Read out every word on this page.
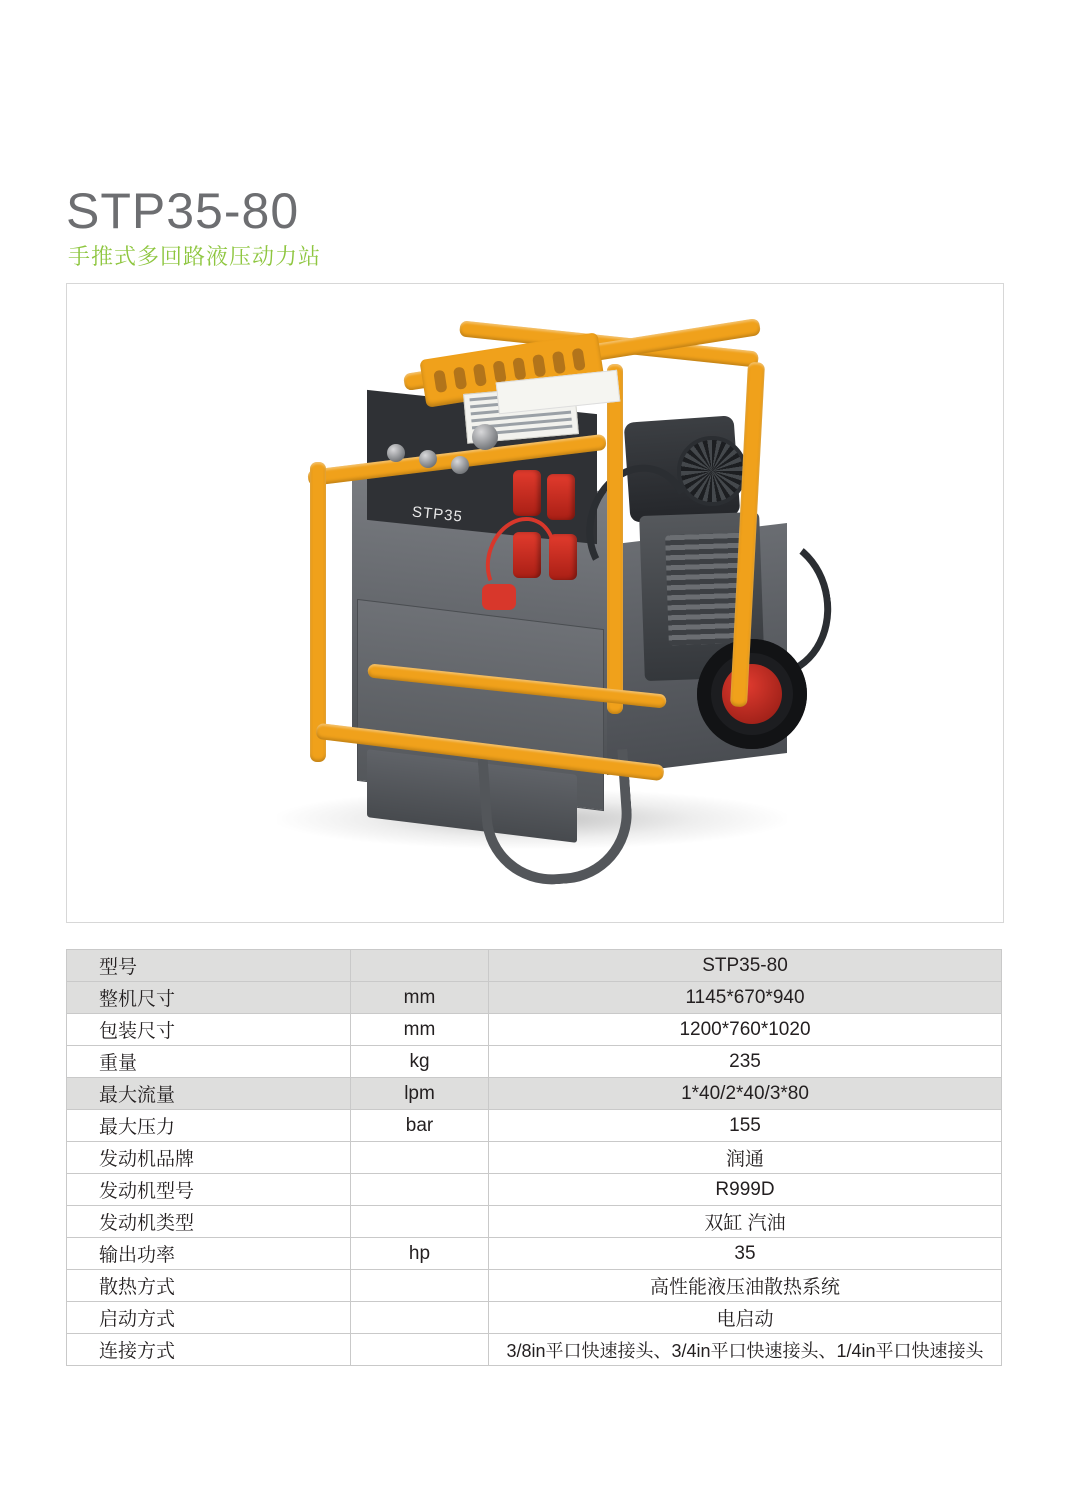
STP35-80
手推式多回路液压动力站
STP35
型号		STP35-80
整机尺寸	mm	1145*670*940
包装尺寸	mm	1200*760*1020
重量	kg	235
最大流量	lpm	1*40/2*40/3*80
最大压力	bar	155
发动机品牌		润通
发动机型号		R999D
发动机类型		双缸 汽油
输出功率	hp	35
散热方式		高性能液压油散热系统
启动方式		电启动
连接方式		3/8in平口快速接头、3/4in平口快速接头、1/4in平口快速接头
